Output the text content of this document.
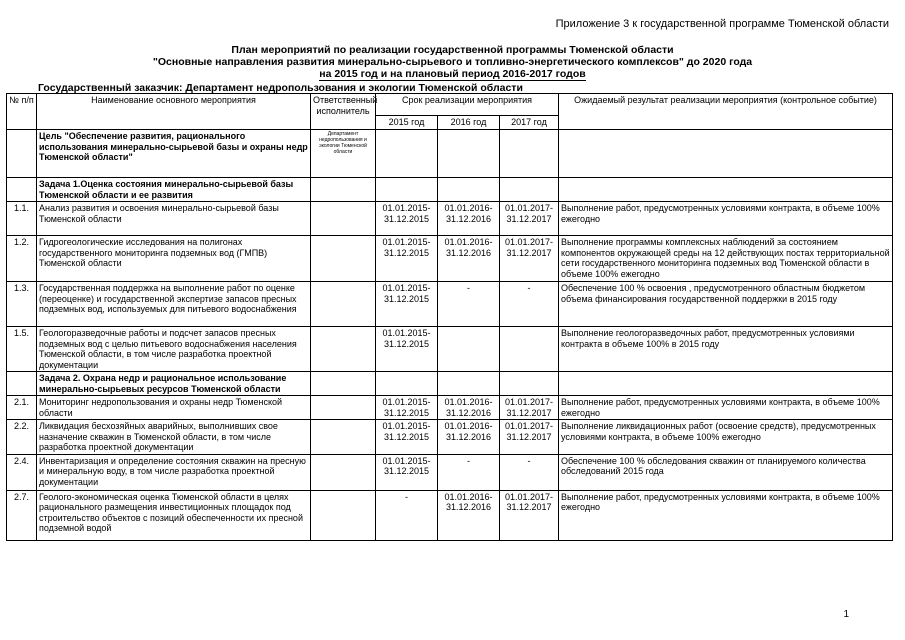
Приложение 3 к государственной программе Тюменской области
План мероприятий по реализации государственной программы Тюменской области
"Основные направления развития минерально-сырьевого и топливно-энергетического комплексов" до 2020 года
на 2015 год и на плановый период 2016-2017 годов
Государственный заказчик: Департамент недропользования и экологии Тюменской области
№ п/п	Наименование основного мероприятия	Ответственный исполнитель	Срок реализации мероприятия			Ожидаемый результат реализации мероприятия (контрольное событие)
			2015 год	2016 год	2017 год	
	Цель "Обеспечение развития, рационального использования минерально-сырьевой базы и охраны недр Тюменской области"	Департамент недропользования и экологии Тюменской области				
	Задача 1.Оценка состояния минерально-сырьевой базы Тюменской области и ее развития					
1.1.	Анализ развития и освоения минерально-сырьевой базы Тюменской области		01.01.2015-31.12.2015	01.01.2016-31.12.2016	01.01.2017-31.12.2017	Выполнение работ, предусмотренных условиями контракта, в объеме 100% ежегодно
1.2.	Гидрогеологические исследования на полигонах государственного мониторинга подземных вод (ГМПВ) Тюменской области		01.01.2015-31.12.2015	01.01.2016-31.12.2016	01.01.2017-31.12.2017	Выполнение программы комплексных наблюдений за состоянием компонентов окружающей среды на 12 действующих постах территориальной сети государственного мониторинга подземных вод Тюменской области в объеме 100% ежегодно
1.3.	Государственная поддержка на выполнение работ по оценке (переоценке) и государственной экспертизе запасов пресных подземных вод, используемых для питьевого водоснабжения		01.01.2015-31.12.2015	-	-	Обеспечение 100 % освоения , предусмотренного областным бюджетом объема финансирования государственной поддержки в 2015 году
1.5.	Геологоразведочные работы и подсчет запасов пресных подземных вод с целью питьевого водоснабжения населения Тюменской области, в том числе разработка проектной документации		01.01.2015-31.12.2015			Выполнение геологоразведочных работ, предусмотренных условиями контракта в объеме 100% в 2015 году
	Задача 2. Охрана недр и рациональное использование минерально-сырьевых ресурсов Тюменской области					
2.1.	Мониторинг недропользования и охраны недр Тюменской области		01.01.2015-31.12.2015	01.01.2016-31.12.2016	01.01.2017-31.12.2017	Выполнение работ, предусмотренных условиями контракта, в объеме 100% ежегодно
2.2.	Ликвидация бесхозяйных аварийных, выполнивших свое назначение скважин в Тюменской области, в том числе разработка проектной документации		01.01.2015-31.12.2015	01.01.2016-31.12.2016	01.01.2017-31.12.2017	Выполнение ликвидационных работ (освоение средств), предусмотренных условиями контракта, в объеме 100% ежегодно
2.4.	Инвентаризация и определение состояния скважин на пресную и минеральную воду, в том числе разработка проектной документации		01.01.2015-31.12.2015	-	-	Обеспечение 100 % обследования скважин от планируемого количества обследований 2015 года
2.7.	Геолого-экономическая оценка Тюменской области в целях рационального размещения инвестиционных площадок под строительство объектов с позиций обеспеченности их пресной подземной водой		-	01.01.2016-31.12.2016	01.01.2017-31.12.2017	Выполнение работ, предусмотренных условиями контракта, в объеме 100% ежегодно
1
